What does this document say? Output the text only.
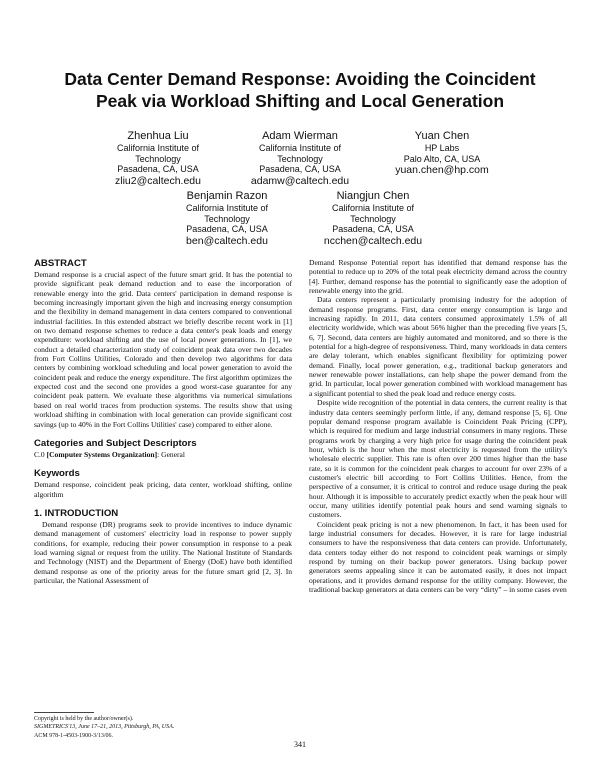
Data Center Demand Response: Avoiding the Coincident
Peak via Workload Shifting and Local Generation
Zhenhua Liu
California Institute of
Technology
Pasadena, CA, USA
zliu2@caltech.edu
Adam Wierman
California Institute of
Technology
Pasadena, CA, USA
adamw@caltech.edu
Yuan Chen
HP Labs
Palo Alto, CA, USA
yuan.chen@hp.com
Benjamin Razon
California Institute of
Technology
Pasadena, CA, USA
ben@caltech.edu
Niangjun Chen
California Institute of
Technology
Pasadena, CA, USA
ncchen@caltech.edu
ABSTRACT

Demand response is a crucial aspect of the future smart grid. It has the potential to provide significant peak demand reduction and to ease the incorporation of renewable energy into the grid. Data centers' participation in demand response is becoming increasingly important given the high and increasing energy consumption and the flexibility in demand management in data centers compared to conventional industrial facilities. In this extended abstract we briefly describe recent work in [1] on two demand response schemes to reduce a data center's peak loads and energy expenditure: workload shifting and the use of local power generations. In [1], we conduct a detailed characterization study of coincident peak data over two decades from Fort Collins Utilities, Colorado and then develop two algorithms for data centers by combining workload scheduling and local power generation to avoid the coincident peak and reduce the energy expenditure. The first algorithm optimizes the expected cost and the second one provides a good worst-case guarantee for any coincident peak pattern. We evaluate these algorithms via numerical simulations based on real world traces from production systems. The results show that using workload shifting in combination with local generation can provide significant cost savings (up to 40% in the Fort Collins Utilities' case) compared to either alone.

Categories and Subject Descriptors

C.0 [Computer Systems Organization]: General

Keywords

Demand response, coincident peak pricing, data center, workload shifting, online algorithm

1. INTRODUCTION

Demand response (DR) programs seek to provide incentives to induce dynamic demand management of customers' electricity load in response to power supply conditions, for example, reducing their power consumption in response to a peak load warning signal or request from the utility. The National Institute of Standards and Technology (NIST) and the Department of Energy (DoE) have both identified demand response as one of the priority areas for the future smart grid [2, 3]. In particular, the National Assessment of

Copyright is held by the author/owner(s).
SIGMETRICS'13, June 17–21, 2013, Pittsburgh, PA, USA.
ACM 978-1-4503-1900-3/13/06.

Demand Response Potential report has identified that demand response has the potential to reduce up to 20% of the total peak electricity demand across the country [4]. Further, demand response has the potential to significantly ease the adoption of renewable energy into the grid.

Data centers represent a particularly promising industry for the adoption of demand response programs. First, data center energy consumption is large and increasing rapidly. In 2011, data centers consumed approximately 1.5% of all electricity worldwide, which was about 56% higher than the preceding five years [5, 6, 7]. Second, data centers are highly automated and monitored, and so there is the potential for a high-degree of responsiveness. Third, many workloads in data centers are delay tolerant, which enables significant flexibility for optimizing power demand. Finally, local power generation, e.g., traditional backup generators and newer renewable power installations, can help shape the power demand from the grid. In particular, local power generation combined with workload management has a significant potential to shed the peak load and reduce energy costs.

Despite wide recognition of the potential in data centers, the current reality is that industry data centers seemingly perform little, if any, demand response [5, 6]. One popular demand response program available is Coincident Peak Pricing (CPP), which is required for medium and large industrial consumers in many regions. These programs work by charging a very high price for usage during the coincident peak hour, which is the hour when the most electricity is requested from the utility's wholesale electric supplier. This rate is often over 200 times higher than the base rate, so it is common for the coincident peak charges to account for over 23% of a customer's electric bill according to Fort Collins Utilities. Hence, from the perspective of a consumer, it is critical to control and reduce usage during the peak hour. Although it is impossible to accurately predict exactly when the peak hour will occur, many utilities identify potential peak hours and send warning signals to customers.

Coincident peak pricing is not a new phenomenon. In fact, it has been used for large industrial consumers for decades. However, it is rare for large industrial consumers to have the responsiveness that data centers can provide. Unfortunately, data centers today either do not respond to coincident peak warnings or simply respond by turning on their backup power generators. Using backup power generators seems appealing since it can be automated easily, it does not impact operations, and it provides demand response for the utility company. However, the traditional backup generators at data centers can be very “dirty” – in some cases even

341
